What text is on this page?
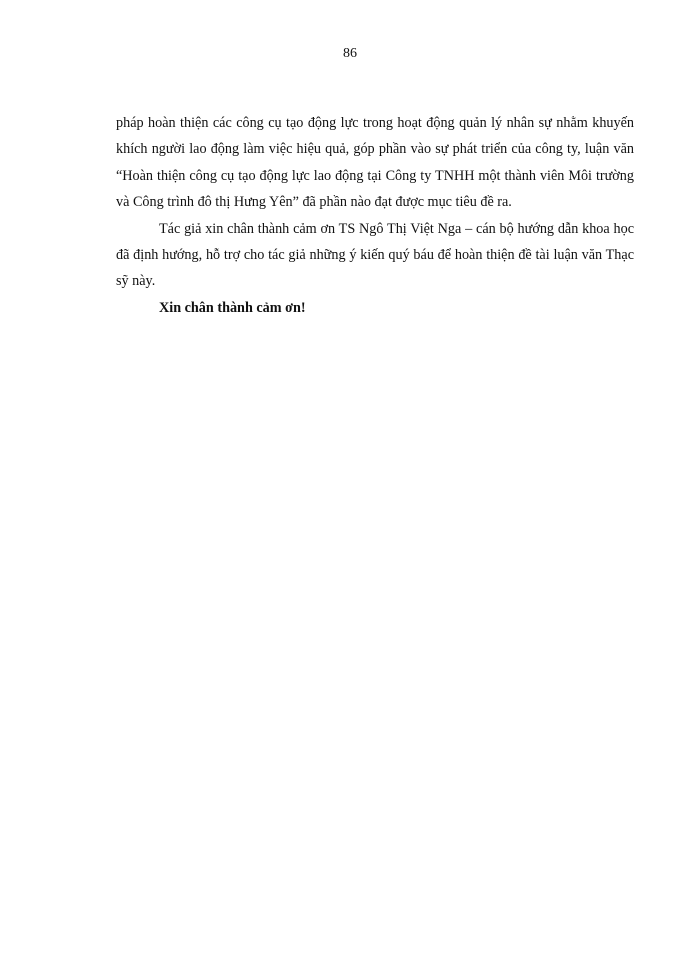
86

pháp hoàn thiện các công cụ tạo động lực trong hoạt động quản lý nhân sự nhằm khuyến khích người lao động làm việc hiệu quả, góp phần vào sự phát triển của công ty, luận văn “Hoàn thiện công cụ tạo động lực lao động tại Công ty TNHH một thành viên Môi trường và Công trình đô thị Hưng Yên” đã phần nào đạt được mục tiêu đề ra.

Tác giả xin chân thành cảm ơn TS Ngô Thị Việt Nga – cán bộ hướng dẫn khoa học đã định hướng, hỗ trợ cho tác giả những ý kiến quý báu để hoàn thiện đề tài luận văn Thạc sỹ này.

Xin chân thành cảm ơn!
